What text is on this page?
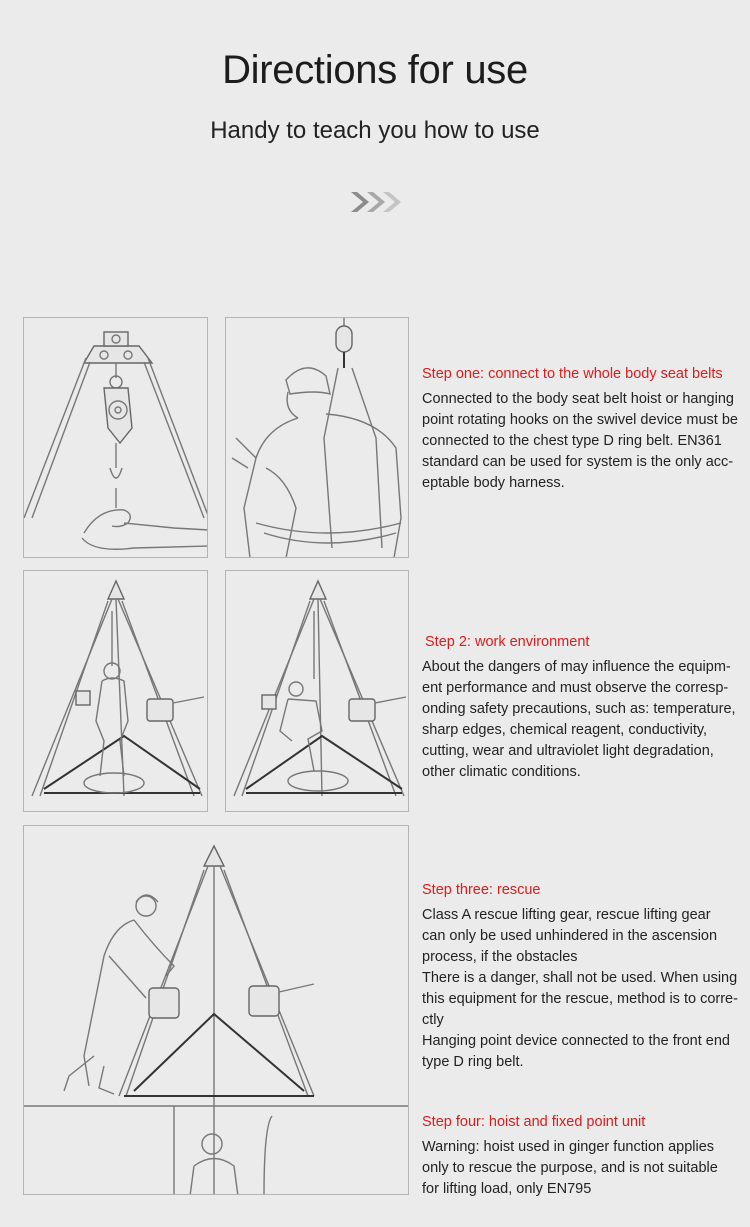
Directions for use
Handy to teach you how to use
Step one: connect to the whole body seat belts
Connected to the body seat belt hoist or hanging
point rotating hooks on the swivel device must be
connected to the chest type D ring belt. EN361
standard can be used for system is the only acc-
eptable body harness.
Step 2: work environment
About the dangers of may influence the equipm-
ent performance and must observe the corresp-
onding safety precautions, such as: temperature,
sharp edges, chemical reagent, conductivity,
cutting, wear and ultraviolet light degradation,
other climatic conditions.
Step three: rescue
Class A rescue lifting gear, rescue lifting gear
can only be used unhindered in the ascension
process, if the obstacles
There is a danger, shall not be used. When using
this equipment for the rescue, method is to corre-
ctly
Hanging point device connected to the front end
type D ring belt.
Step four: hoist and fixed point unit
Warning: hoist used in ginger function applies
only to rescue the purpose, and is not suitable
for lifting load, only EN795
